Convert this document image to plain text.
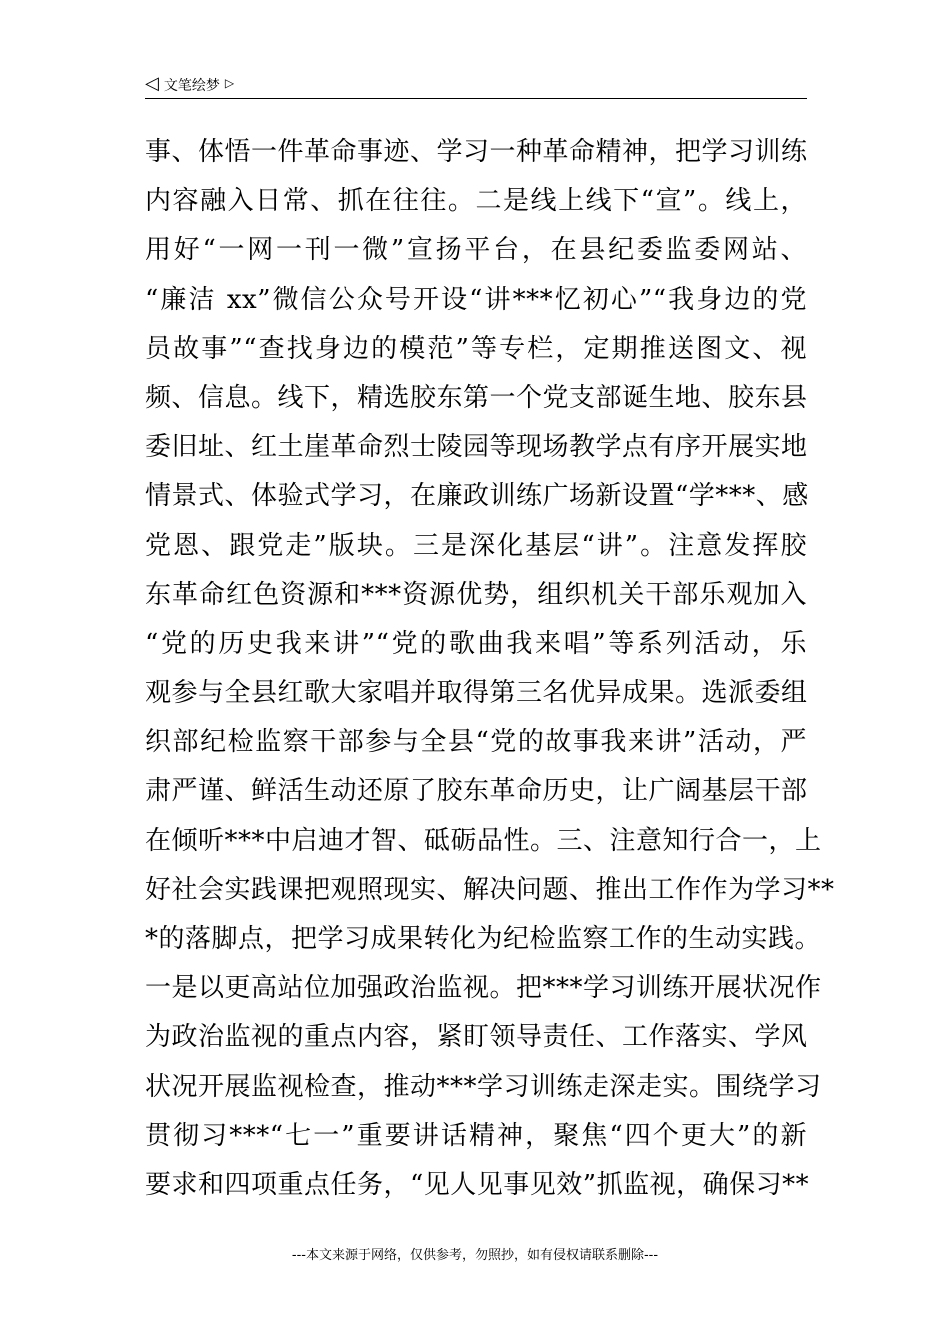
◁ 文笔绘梦 ▷
事、体悟一件革命事迹、学习一种革命精神，把学习训练
内容融入日常、抓在往往。二是线上线下“宣”。线上，
用好“一网一刊一微”宣扬平台，在县纪委监委网站、
“廉洁 xx”微信公众号开设“讲***忆初心”“我身边的党
员故事”“查找身边的模范”等专栏，定期推送图文、视
频、信息。线下，精选胶东第一个党支部诞生地、胶东县
委旧址、红土崖革命烈士陵园等现场教学点有序开展实地
情景式、体验式学习，在廉政训练广场新设置“学***、感
党恩、跟党走”版块。三是深化基层“讲”。注意发挥胶
东革命红色资源和***资源优势，组织机关干部乐观加入
“党的历史我来讲”“党的歌曲我来唱”等系列活动，乐
观参与全县红歌大家唱并取得第三名优异成果。选派委组
织部纪检监察干部参与全县“党的故事我来讲”活动，严
肃严谨、鲜活生动还原了胶东革命历史，让广阔基层干部
在倾听***中启迪才智、砥砺品性。三、注意知行合一，上
好社会实践课把观照现实、解决问题、推出工作作为学习**
*的落脚点，把学习成果转化为纪检监察工作的生动实践。
一是以更高站位加强政治监视。把***学习训练开展状况作
为政治监视的重点内容，紧盯领导责任、工作落实、学风
状况开展监视检查，推动***学习训练走深走实。围绕学习
贯彻习***“七一”重要讲话精神，聚焦“四个更大”的新
要求和四项重点任务，“见人见事见效”抓监视，确保习**
---本文来源于网络，仅供参考，勿照抄，如有侵权请联系删除---
